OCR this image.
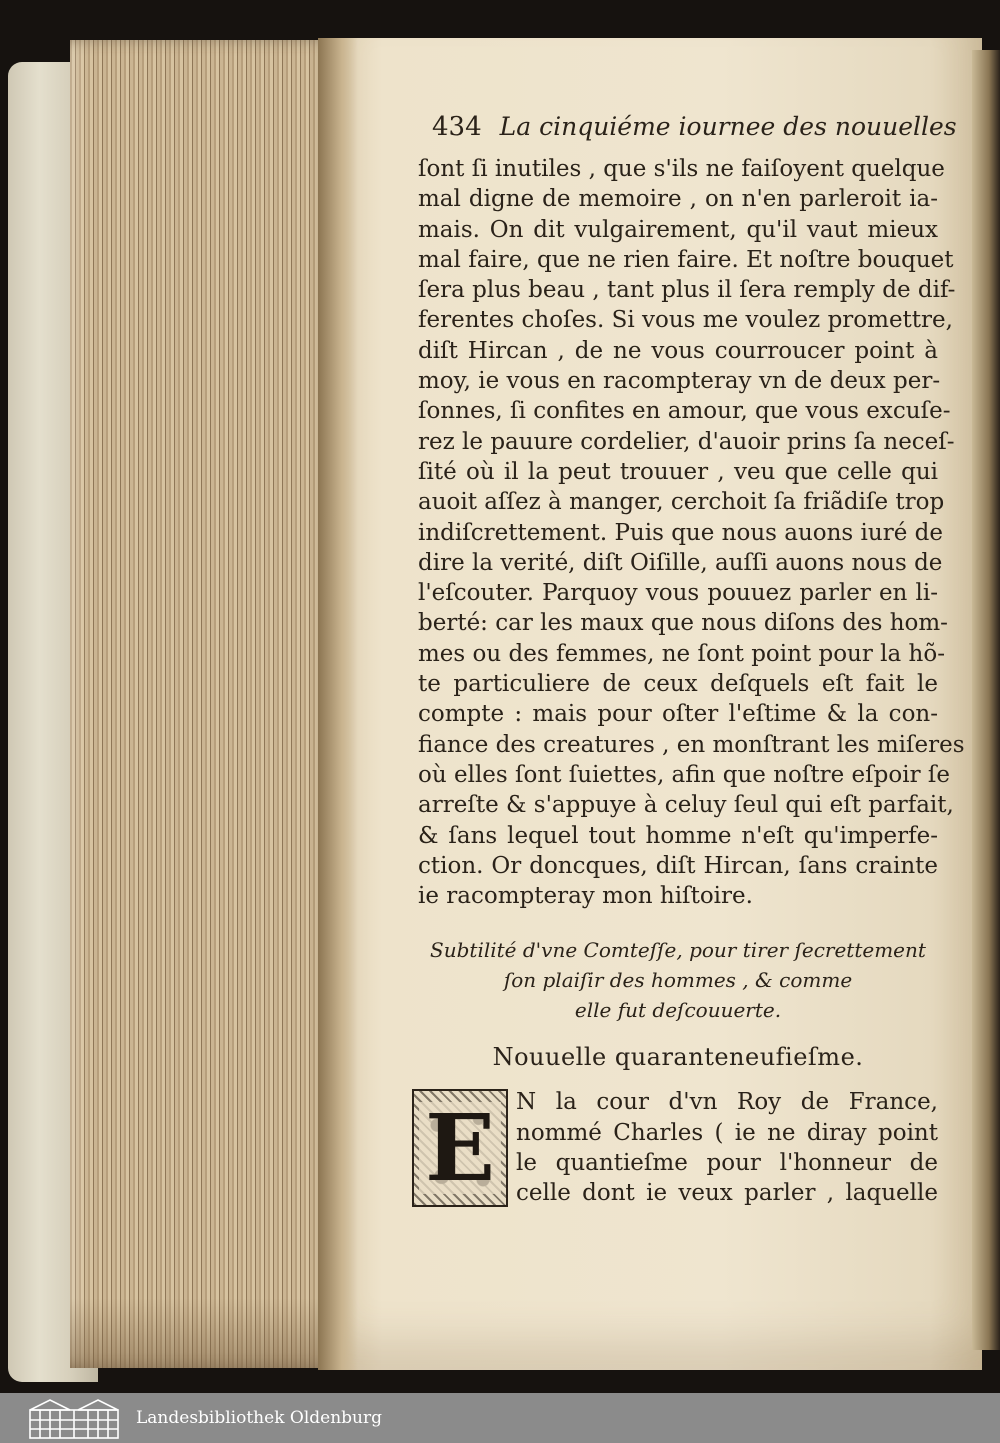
434 La cinquiéme iournee des nouuelles
ſont ſi inutiles , que s'ils ne faiſoyent quelque
mal digne de memoire , on n'en parleroit ia-
mais. On dit vulgairement, qu'il vaut mieux
mal faire, que ne rien faire. Et noſtre bouquet
ſera plus beau , tant plus il ſera remply de dif-
ferentes choſes. Si vous me voulez promettre,
diſt Hircan , de ne vous courroucer point à
moy, ie vous en racompteray vn de deux per-
ſonnes, ſi confites en amour, que vous excuſe-
rez le pauure cordelier, d'auoir prins ſa neceſ-
ſité où il la peut trouuer , veu que celle qui
auoit aſſez à manger, cerchoit ſa friãdiſe trop
indiſcrettement. Puis que nous auons iuré de
dire la verité, diſt Oiſille, auſſi auons nous de
l'eſcouter. Parquoy vous pouuez parler en li-
berté: car les maux que nous diſons des hom-
mes ou des femmes, ne ſont point pour la hõ-
te particuliere de ceux deſquels eſt fait le
compte : mais pour oſter l'eſtime & la con-
fiance des creatures , en monſtrant les miſeres
où elles ſont ſuiettes, afin que noſtre eſpoir ſe
arreſte & s'appuye à celuy ſeul qui eſt parfait,
& ſans lequel tout homme n'eſt qu'imperfe-
ction. Or doncques, diſt Hircan, ſans crainte
ie racompteray mon hiſtoire.
Subtilité d'vne Comteſſe, pour tirer ſecrettement
ſon plaiſir des hommes , & comme
elle fut deſcouuerte.
Nouuelle quaranteneufieſme.
E N la cour d'vn Roy de France,
nommé Charles ( ie ne diray point
le quantieſme pour l'honneur de
celle dont ie veux parler , laquelle
Landesbibliothek Oldenburg
